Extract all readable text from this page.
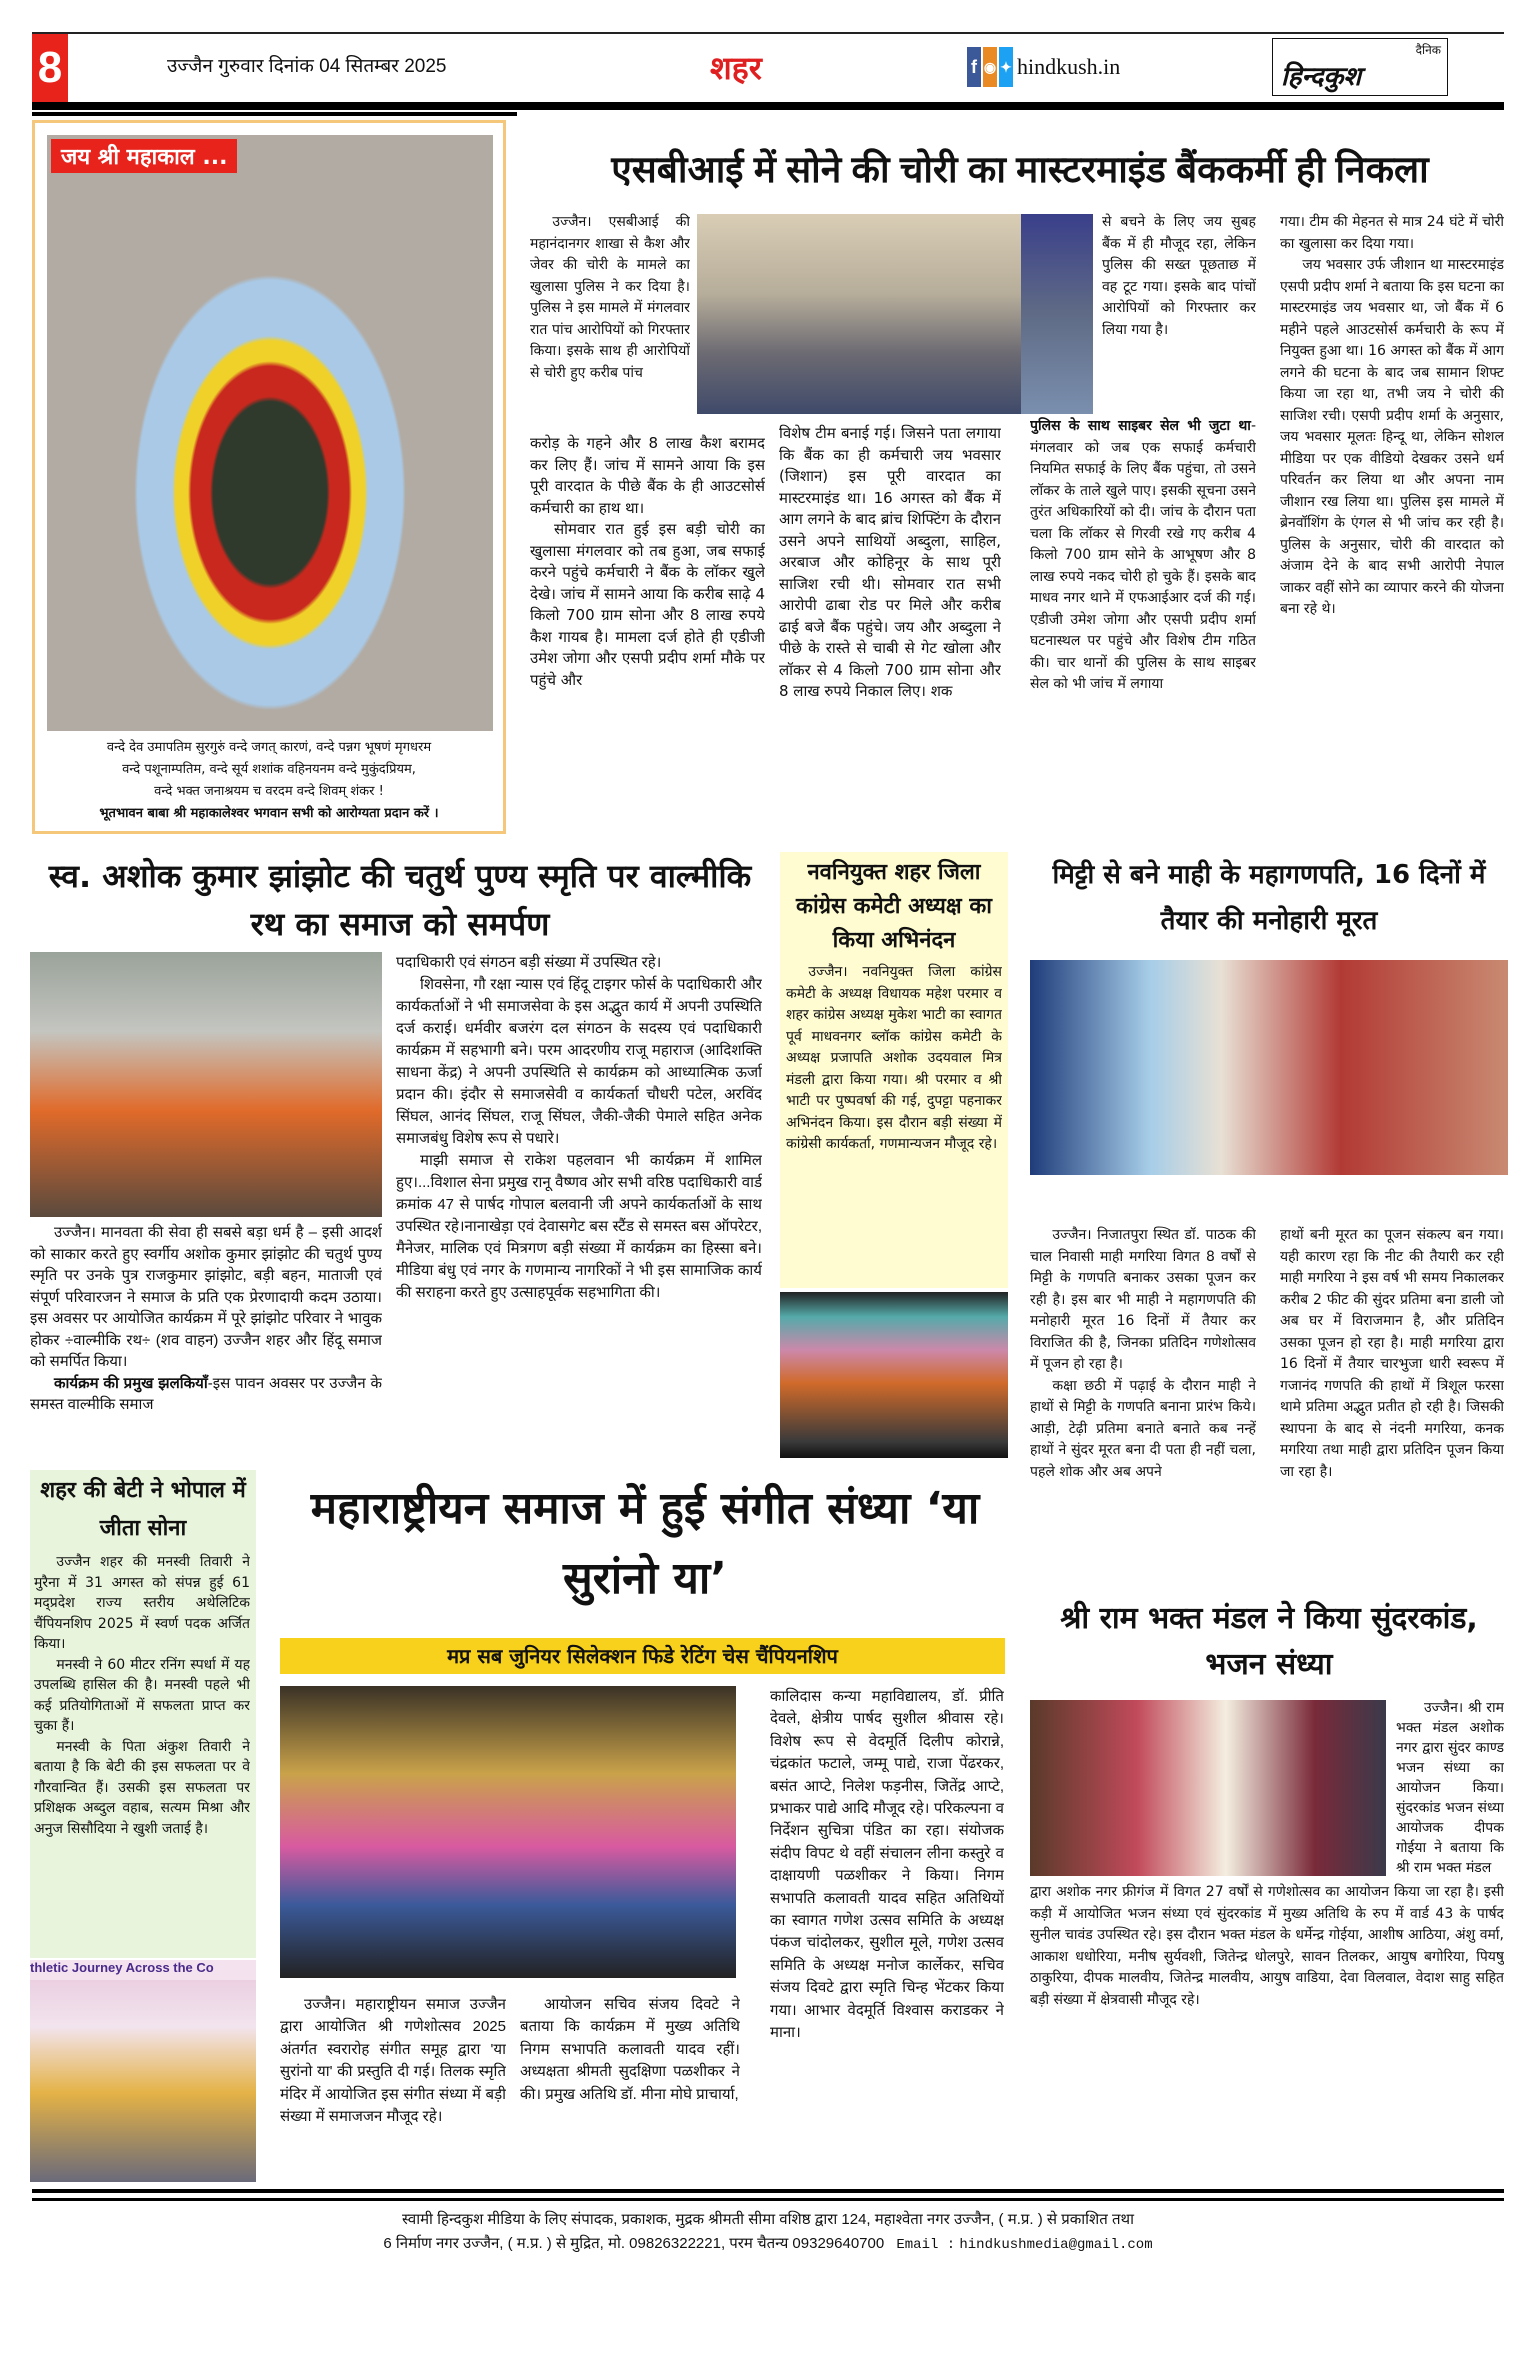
8	उज्जैन गुरुवार दिनांक 04 सितम्बर 2025	शहर	f ◉ ✦ hindkush.in
दैनिक
हिन्दकुश
जय श्री महाकाल ...
वन्दे देव उमापतिम सुरगुरुं वन्दे जगत् कारणं, वन्दे पन्नग भूषणं मृगधरम
वन्दे पशूनाम्पतिम, वन्दे सूर्य शशांक वहिनयनम वन्दे मुकुंदप्रियम,
वन्दे भक्त जनाश्रयम च वरदम वन्दे शिवम् शंकर !
भूतभावन बाबा श्री महाकालेश्वर भगवान सभी को आरोग्यता प्रदान करें ।
एसबीआई में सोने की चोरी का मास्टरमाइंड बैंककर्मी ही निकला
उज्जैन। एसबीआई की महानंदानगर शाखा से कैश और जेवर की चोरी के मामले का खुलासा पुलिस ने कर दिया है। पुलिस ने इस मामले में मंगलवार रात पांच आरोपियों को गिरफ्तार किया। इसके साथ ही आरोपियों से चोरी हुए करीब पांच

करोड़ के गहने और 8 लाख कैश बरामद कर लिए हैं। जांच में सामने आया कि इस पूरी वारदात के पीछे बैंक के ही आउटसोर्स कर्मचारी का हाथ था।

सोमवार रात हुई इस बड़ी चोरी का खुलासा मंगलवार को तब हुआ, जब सफाई करने पहुंचे कर्मचारी ने बैंक के लॉकर खुले देखे। जांच में सामने आया कि करीब साढ़े 4 किलो 700 ग्राम सोना और 8 लाख रुपये कैश गायब है। मामला दर्ज होते ही एडीजी उमेश जोगा और एसपी प्रदीप शर्मा मौके पर पहुंचे और

विशेष टीम बनाई गई। जिसने पता लगाया कि बैंक का ही कर्मचारी जय भवसार (जिशान) इस पूरी वारदात का मास्टरमाइंड था। 16 अगस्त को बैंक में आग लगने के बाद ब्रांच शिफ्टिंग के दौरान उसने अपने साथियों अब्दुला, साहिल, अरबाज और कोहिनूर के साथ पूरी साजिश रची थी। सोमवार रात सभी आरोपी ढाबा रोड पर मिले और करीब ढाई बजे बैंक पहुंचे। जय और अब्दुला ने पीछे के रास्ते से चाबी से गेट खोला और लॉकर से 4 किलो 700 ग्राम सोना और 8 लाख रुपये निकाल लिए। शक
से बचने के लिए जय सुबह बैंक में ही मौजूद रहा, लेकिन पुलिस की सख्त पूछताछ में वह टूट गया। इसके बाद पांचों आरोपियों को गिरफ्तार कर लिया गया है।
पुलिस के साथ साइबर सेल भी जुटा था-मंगलवार को जब एक सफाई कर्मचारी नियमित सफाई के लिए बैंक पहुंचा, तो उसने लॉकर के ताले खुले पाए। इसकी सूचना उसने तुरंत अधिकारियों को दी। जांच के दौरान पता चला कि लॉकर से गिरवी रखे गए करीब 4 किलो 700 ग्राम सोने के आभूषण और 8 लाख रुपये नकद चोरी हो चुके हैं। इसके बाद माधव नगर थाने में एफआईआर दर्ज की गई। एडीजी उमेश जोगा और एसपी प्रदीप शर्मा घटनास्थल पर पहुंचे और विशेष टीम गठित की। चार थानों की पुलिस के साथ साइबर सेल को भी जांच में लगाया

गया। टीम की मेहनत से मात्र 24 घंटे में चोरी का खुलासा कर दिया गया।

जय भवसार उर्फ जीशान था मास्टरमाइंड एसपी प्रदीप शर्मा ने बताया कि इस घटना का मास्टरमाइंड जय भवसार था, जो बैंक में 6 महीने पहले आउटसोर्स कर्मचारी के रूप में नियुक्त हुआ था। 16 अगस्त को बैंक में आग लगने की घटना के बाद जब सामान शिफ्ट किया जा रहा था, तभी जय ने चोरी की साजिश रची। एसपी प्रदीप शर्मा के अनुसार, जय भवसार मूलतः हिन्दू था, लेकिन सोशल मीडिया पर एक वीडियो देखकर उसने धर्म परिवर्तन कर लिया था और अपना नाम जीशान रख लिया था। पुलिस इस मामले में ब्रेनवॉशिंग के एंगल से भी जांच कर रही है। पुलिस के अनुसार, चोरी की वारदात को अंजाम देने के बाद सभी आरोपी नेपाल जाकर वहीं सोने का व्यापार करने की योजना बना रहे थे।

स्व. अशोक कुमार झांझोट की चतुर्थ पुण्य स्मृति पर वाल्मीकि रथ का समाज को समर्पण

उज्जैन। मानवता की सेवा ही सबसे बड़ा धर्म है – इसी आदर्श को साकार करते हुए स्वर्गीय अशोक कुमार झांझोट की चतुर्थ पुण्य स्मृति पर उनके पुत्र राजकुमार झांझोट, बड़ी बहन, माताजी एवं संपूर्ण परिवारजन ने समाज के प्रति एक प्रेरणादायी कदम उठाया। इस अवसर पर आयोजित कार्यक्रम में पूरे झांझोट परिवार ने भावुक होकर ÷वाल्मीकि रथ÷ (शव वाहन) उज्जैन शहर और हिंदू समाज को समर्पित किया।

कार्यक्रम की प्रमुख झलकियाँ-इस पावन अवसर पर उज्जैन के समस्त वाल्मीकि समाज

पदाधिकारी एवं संगठन बड़ी संख्या में उपस्थित रहे।

शिवसेना, गौ रक्षा न्यास एवं हिंदू टाइगर फोर्स के पदाधिकारी और कार्यकर्ताओं ने भी समाजसेवा के इस अद्भुत कार्य में अपनी उपस्थिति दर्ज कराई। धर्मवीर बजरंग दल संगठन के सदस्य एवं पदाधिकारी कार्यक्रम में सहभागी बने। परम आदरणीय राजू महाराज (आदिशक्ति साधना केंद्र) ने अपनी उपस्थिति से कार्यक्रम को आध्यात्मिक ऊर्जा प्रदान की। इंदौर से समाजसेवी व कार्यकर्ता चौधरी पटेल, अरविंद सिंघल, आनंद सिंघल, राजू सिंघल, जैकी-जैकी पेमाले सहित अनेक समाजबंधु विशेष रूप से पधारे।

माझी समाज से राकेश पहलवान भी कार्यक्रम में शामिल हुए।...विशाल सेना प्रमुख रानू वैष्णव ओर सभी वरिष्ठ पदाधिकारी वार्ड क्रमांक 47 से पार्षद गोपाल बलवानी जी अपने कार्यकर्ताओं के साथ उपस्थित रहे।नानाखेड़ा एवं देवासगेट बस स्टैंड से समस्त बस ऑपरेटर, मैनेजर, मालिक एवं मित्रगण बड़ी संख्या में कार्यक्रम का हिस्सा बने।मीडिया बंधु एवं नगर के गणमान्य नागरिकों ने भी इस सामाजिक कार्य की सराहना करते हुए उत्साहपूर्वक सहभागिता की।

नवनियुक्त शहर जिला कांग्रेस कमेटी अध्यक्ष का किया अभिनंदन
उज्जैन। नवनियुक्त जिला कांग्रेस कमेटी के अध्यक्ष विधायक महेश परमार व शहर कांग्रेस अध्यक्ष मुकेश भाटी का स्वागत पूर्व माधवनगर ब्लॉक कांग्रेस कमेटी के अध्यक्ष प्रजापति अशोक उदयवाल मित्र मंडली द्वारा किया गया। श्री परमार व श्री भाटी पर पुष्पवर्षा की गई, दुपट्टा पहनाकर अभिनंदन किया। इस दौरान बड़ी संख्या में कांग्रेसी कार्यकर्ता, गणमान्यजन मौजूद रहे।
मिट्टी से बने माही के महागणपति, 16 दिनों में तैयार की मनोहारी मूरत

उज्जैन। निजातपुरा स्थित डॉ. पाठक की चाल निवासी माही मगरिया विगत 8 वर्षों से मिट्टी के गणपति बनाकर उसका पूजन कर रही है। इस बार भी माही ने महागणपति की मनोहारी मूरत 16 दिनों में तैयार कर विराजित की है, जिनका प्रतिदिन गणेशोत्सव में पूजन हो रहा है।

कक्षा छठी में पढ़ाई के दौरान माही ने हाथों से मिट्टी के गणपति बनाना प्रारंभ किये। आड़ी, टेढ़ी प्रतिमा बनाते बनाते कब नन्हें हाथों ने सुंदर मूरत बना दी पता ही नहीं चला, पहले शोक और अब अपने

हाथों बनी मूरत का पूजन संकल्प बन गया। यही कारण रहा कि नीट की तैयारी कर रही माही मगरिया ने इस वर्ष भी समय निकालकर करीब 2 फीट की सुंदर प्रतिमा बना डाली जो अब घर में विराजमान है, और प्रतिदिन उसका पूजन हो रहा है। माही मगरिया द्वारा 16 दिनों में तैयार चारभुजा धारी स्वरूप में गजानंद गणपति की हाथों में त्रिशूल फरसा थामे प्रतिमा अद्भुत प्रतीत हो रही है। जिसकी स्थापना के बाद से नंदनी मगरिया, कनक मगरिया तथा माही द्वारा प्रतिदिन पूजन किया जा रहा है।
शहर की बेटी ने भोपाल में जीता सोना

उज्जैन शहर की मनस्वी तिवारी ने मुरैना में 31 अगस्त को संपन्न हुई 61 मद्प्रदेश राज्य स्तरीय अथेलिटिक चैंपियनशिप 2025 में स्वर्ण पदक अर्जित किया।

मनस्वी ने 60 मीटर रनिंग स्पर्धा में यह उपलब्धि हासिल की है। मनस्वी पहले भी कई प्रतियोगिताओं में सफलता प्राप्त कर चुका हैं।

मनस्वी के पिता अंकुश तिवारी ने बताया है कि बेटी की इस सफलता पर वे गौरवान्वित हैं। उसकी इस सफलता पर प्रशिक्षक अब्दुल वहाब, सत्यम मिश्रा और अनुज सिसौदिया ने खुशी जताई है।

thletic Journey Across the Co
महाराष्ट्रीयन समाज में हुई संगीत संध्या ‘या सुरांनो या’
मप्र सब जुनियर सिलेक्शन फिडे रेटिंग चेस चैंपियनशिप
कालिदास कन्या महाविद्यालय, डॉ. प्रीति देवले, क्षेत्रीय पार्षद सुशील श्रीवास रहे। विशेष रूप से वेदमूर्ति दिलीप कोरान्ने, चंद्रकांत फटाले, जम्मू पाद्ये, राजा पेंढरकर, बसंत आप्टे, निलेश फड़नीस, जितेंद्र आप्टे, प्रभाकर पाद्ये आदि मौजूद रहे। परिकल्पना व निर्देशन सुचित्रा पंडित का रहा। संयोजक संदीप विपट थे वहीं संचालन लीना कस्तुरे व दाक्षायणी पळशीकर ने किया। निगम सभापति कलावती यादव सहित अतिथियों का स्वागत गणेश उत्सव समिति के अध्यक्ष पंकज चांदोलकर, सुशील मूले, गणेश उत्सव समिति के अध्यक्ष मनोज कार्लेकर, सचिव संजय दिवटे द्वारा स्मृति चिन्ह भेंटकर किया गया। आभार वेदमूर्ति विश्वास कराडकर ने माना।
उज्जैन। महाराष्ट्रीयन समाज उज्जैन द्वारा आयोजित श्री गणेशोत्सव 2025 अंतर्गत स्वरारोह संगीत समूह द्वारा 'या सुरांनो या' की प्रस्तुति दी गई। तिलक स्मृति मंदिर में आयोजित इस संगीत संध्या में बड़ी संख्या में समाजजन मौजूद रहे।
आयोजन सचिव संजय दिवटे ने बताया कि कार्यक्रम में मुख्य अतिथि निगम सभापति कलावती यादव रहीं। अध्यक्षता श्रीमती सुदक्षिणा पळशीकर ने की। प्रमुख अतिथि डॉ. मीना मोघे प्राचार्या,
श्री राम भक्त मंडल ने किया सुंदरकांड, भजन संध्या
उज्जैन। श्री राम भक्त मंडल अशोक नगर द्वारा सुंदर काण्ड भजन संध्या का आयोजन किया। सुंदरकांड भजन संध्या आयोजक दीपक गोईया ने बताया कि श्री राम भक्त मंडल
द्वारा अशोक नगर फ्रीगंज में विगत 27 वर्षों से गणेशोत्सव का आयोजन किया जा रहा है। इसी कड़ी में आयोजित भजन संध्या एवं सुंदरकांड में मुख्य अतिथि के रुप में वार्ड 43 के पार्षद सुनील चावंड उपस्थित रहे। इस दौरान भक्त मंडल के धर्मेन्द्र गोईया, आशीष आठिया, अंशु वर्मा, आकाश धधोरिया, मनीष सुर्यवशी, जितेन्द्र धोलपुरे, सावन तिलकर, आयुष बगोरिया, पियषु ठाकुरिया, दीपक मालवीय, जितेन्द्र मालवीय, आयुष वाडिया, देवा विलवाल, वेदाश साहु सहित बड़ी संख्या में क्षेत्रवासी मौजूद रहे।
स्वामी हिन्दकुश मीडिया के लिए संपादक, प्रकाशक, मुद्रक श्रीमती सीमा वशिष्ठ द्वारा 124, महाश्वेता नगर उज्जैन, ( म.प्र. ) से प्रकाशित तथा
6 निर्माण नगर उज्जैन, ( म.प्र. ) से मुद्रित, मो. 09826322221, परम चैतन्य 09329640700 Email : hindkushmedia@gmail.com
